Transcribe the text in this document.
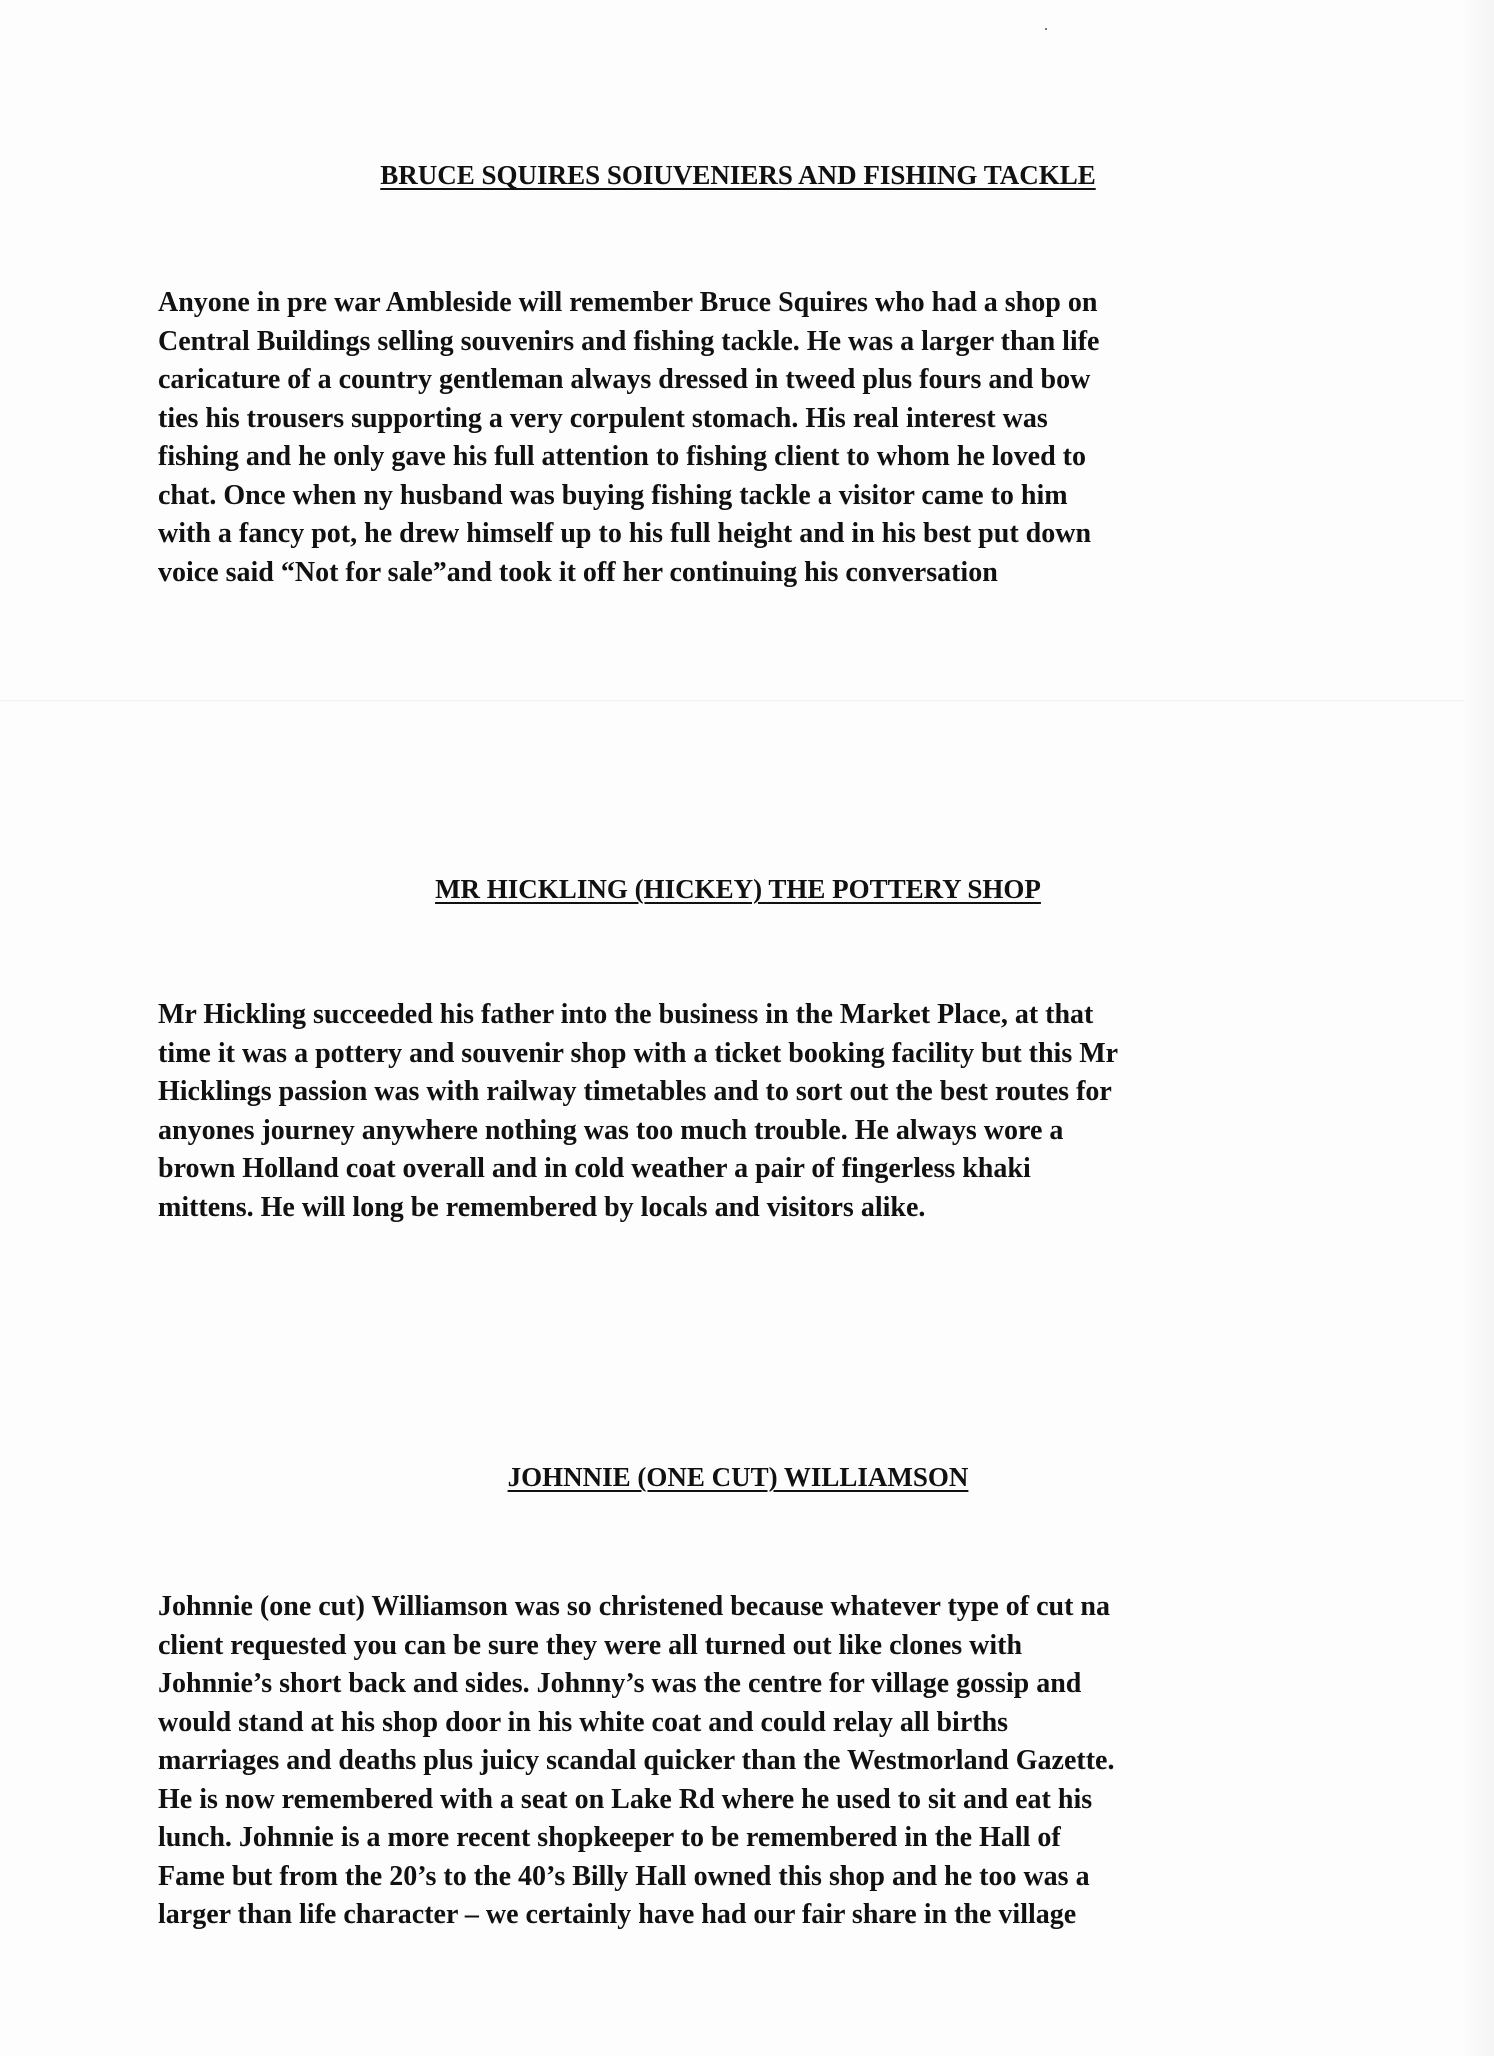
BRUCE SQUIRES SOIUVENIERS AND FISHING TACKLE

Anyone in pre war Ambleside will remember Bruce Squires who had a shop on
Central Buildings selling souvenirs and fishing tackle. He was a larger than life
caricature of a country gentleman always dressed in tweed plus fours and bow
ties his trousers supporting a very corpulent stomach. His real interest was
fishing and he only gave his full attention to fishing client to whom he loved to
chat. Once when ny husband was buying fishing tackle a visitor came to him
with a fancy pot, he drew himself up to his full height and in his best put down
voice said “Not for sale”and took it off her continuing his conversation

MR HICKLING (HICKEY) THE POTTERY SHOP

Mr Hickling succeeded his father into the business in the Market Place, at that
time it was a pottery and souvenir shop with a ticket booking facility but this Mr
Hicklings passion was with railway timetables and to sort out the best routes for
anyones journey anywhere nothing was too much trouble. He always wore a
brown Holland coat overall and in cold weather a pair of fingerless khaki
mittens. He will long be remembered by locals and visitors alike.

JOHNNIE (ONE CUT) WILLIAMSON

Johnnie (one cut) Williamson was so christened because whatever type of cut na
client requested you can be sure they were all turned out like clones with
Johnnie’s short back and sides. Johnny’s was the centre for village gossip and
would stand at his shop door in his white coat and could relay all births
marriages and deaths plus juicy scandal quicker than the Westmorland Gazette.
He is now remembered with a seat on Lake Rd where he used to sit and eat his
lunch. Johnnie is a more recent shopkeeper to be remembered in the Hall of
Fame but from the 20’s to the 40’s Billy Hall owned this shop and he too was a
larger than life character – we certainly have had our fair share in the village
